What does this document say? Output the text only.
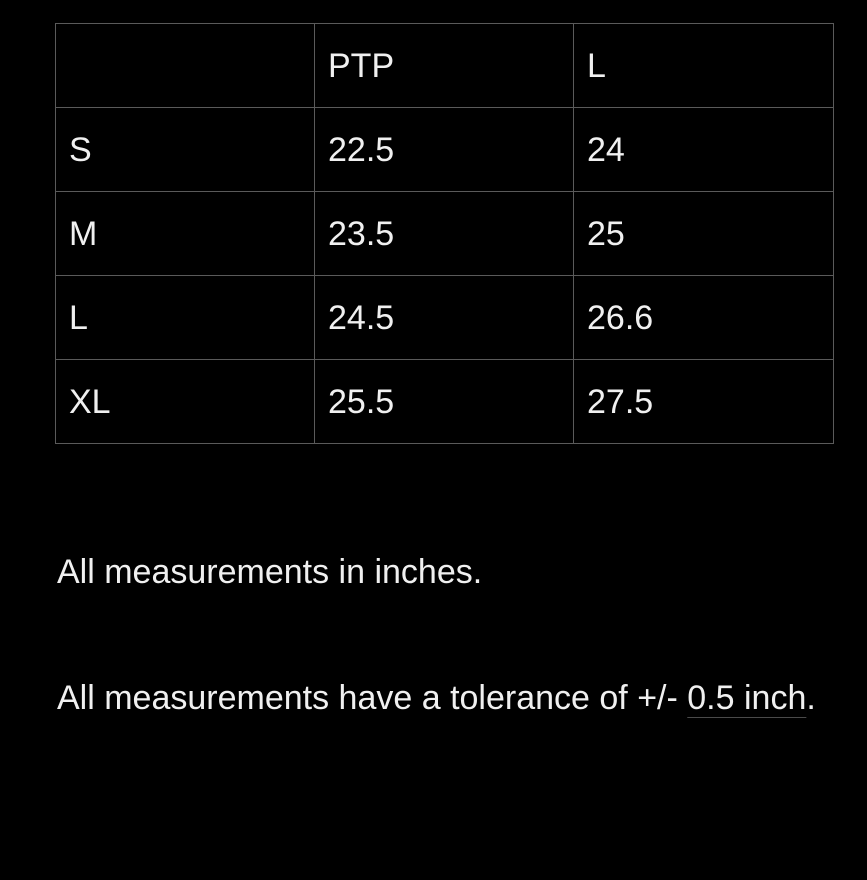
	PTP	L
S	22.5	24
M	23.5	25
L	24.5	26.6
XL	25.5	27.5

All measurements in inches.

All measurements have a tolerance of +/- 0.5 inch.
